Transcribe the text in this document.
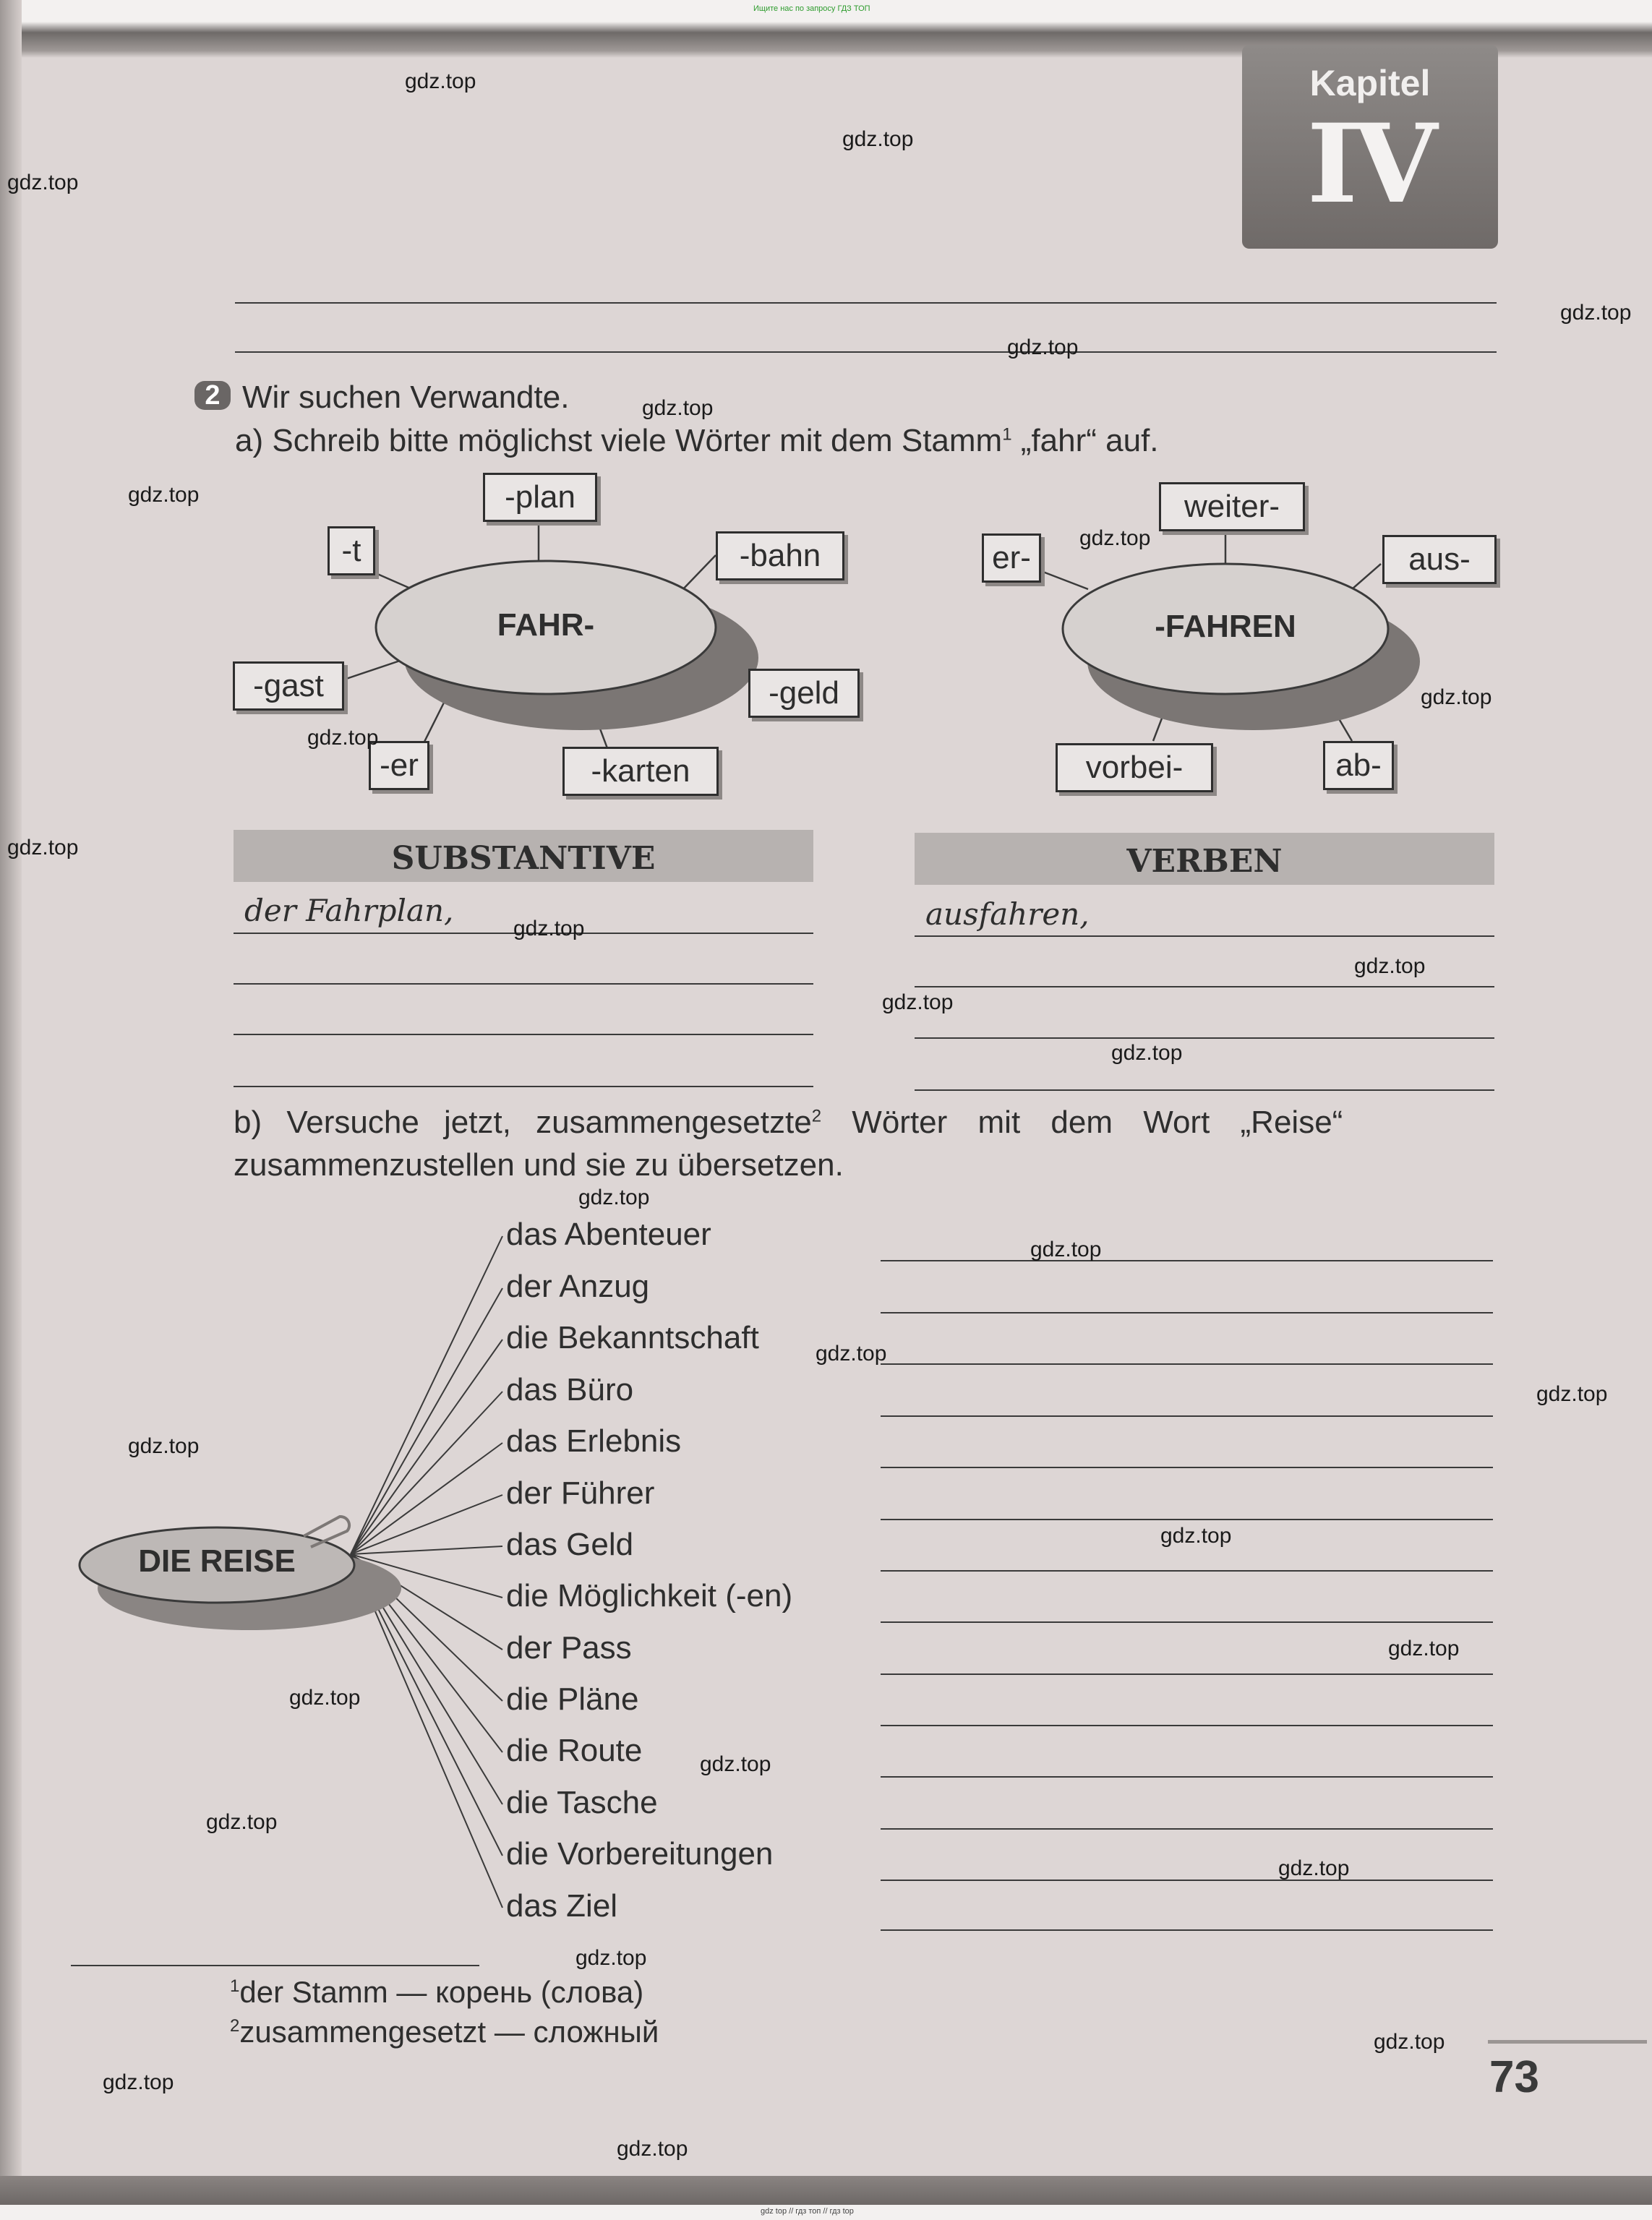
Ищите нас по запросу ГДЗ ТОП
gdz top // гдз топ // гдз top
Kapitel
IV
2 Wir suchen Verwandte.
a) Schreib bitte möglichst viele Wörter mit dem Stamm$^1$ „fahr“ auf.
FAHR-
-plan
-t	-bahn
-gast	-geld
-er	-karten
-FAHREN
weiter-
er-	aus-
vorbei-	ab-
SUBSTANTIVE	VERBEN
der Fahrplan,	ausfahren,
b) Versuche jetzt, zusammengesetzte$^2$ Wörter mit dem Wort „Reise“
zusammenzustellen und sie zu übersetzen.
DIE REISE
das Abenteuer
der Anzug
die Bekanntschaft
das Büro
das Erlebnis
der Führer
das Geld
die Möglichkeit (-en)
der Pass
die Pläne
die Route
die Tasche
die Vorbereitungen
das Ziel
$^1$der Stamm — корень (слова)
$^2$zusammengesetzt — сложный
73
gdz.top
gdz.top
gdz.top
gdz.top
gdz.top
gdz.top
gdz.top
gdz.top
gdz.top
gdz.top
gdz.top
gdz.top
gdz.top
gdz.top
gdz.top
gdz.top
gdz.top
gdz.top
gdz.top
gdz.top
gdz.top
gdz.top
gdz.top
gdz.top
gdz.top
gdz.top
gdz.top
gdz.top
gdz.top
gdz.top
